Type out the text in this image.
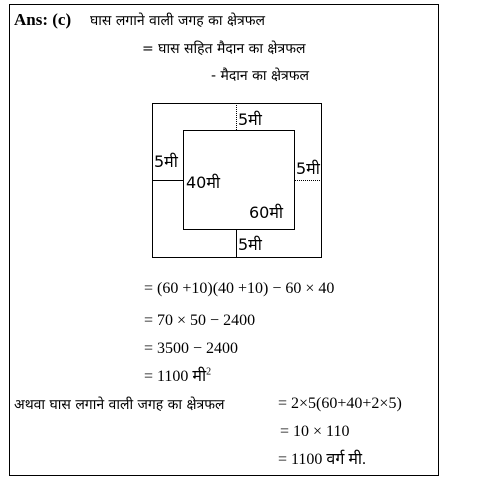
Ans: (c) घास लगाने वाली जगह का क्षेत्रफल
= घास सहित मैदान का क्षेत्रफल
- मैदान का क्षेत्रफल
5मी
5मी	5मी
5मी
40मी
60मी
= (60 +10)(40 +10) − 60 × 40
= 70 × 50 − 2400
= 3500 − 2400
= 1100 मी$^2$
अथवा घास लगाने वाली जगह का क्षेत्रफल	= 2×5(60+40+2×5)
= 10 × 110
= 1100 वर्ग मी.
